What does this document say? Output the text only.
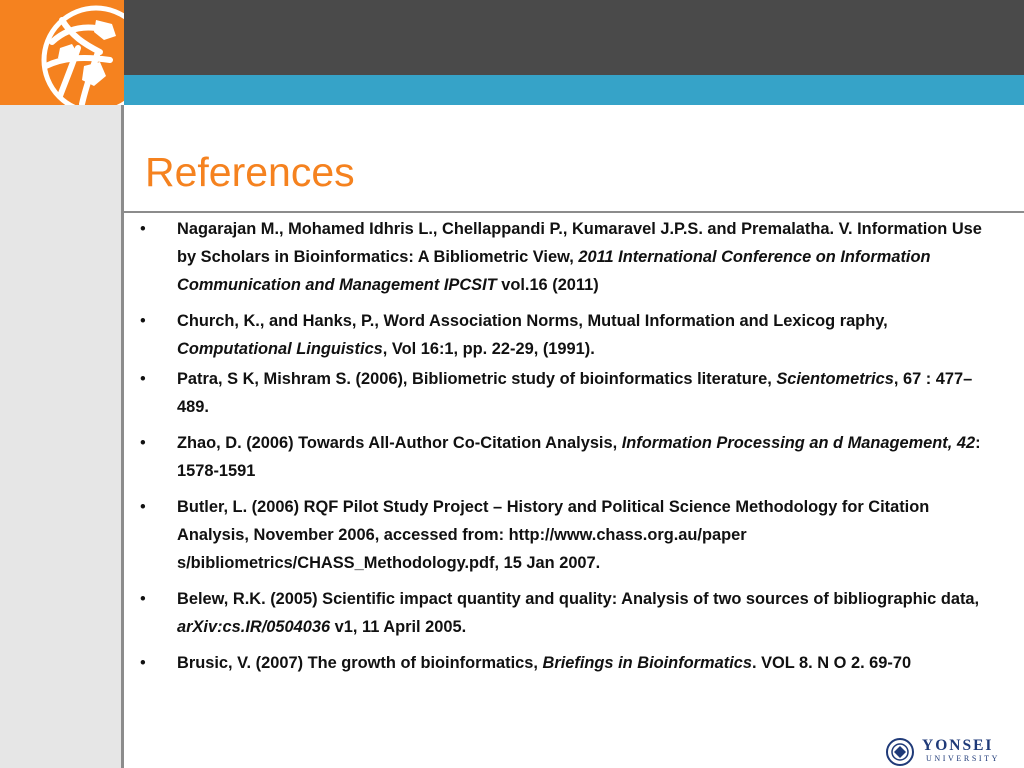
References
• Nagarajan M., Mohamed Idhris L., Chellappandi P., Kumaravel J.P.S. and Premalatha. V. Information Use by Scholars in Bioinformatics: A Bibliometric View, 2011 International Conference on Information Communication and Management IPCSIT vol.16 (2011)
• Church, K., and Hanks, P., Word Association Norms, Mutual Information and Lexicog raphy, Computational Linguistics, Vol 16:1, pp. 22-29, (1991).
• Patra, S K, Mishram S. (2006), Bibliometric study of bioinformatics literature, Scientometrics, 67 : 477–489.
• Zhao, D. (2006) Towards All-Author Co-Citation Analysis, Information Processing an d Management, 42: 1578-1591
• Butler, L. (2006) RQF Pilot Study Project – History and Political Science Methodology for Citation Analysis, November 2006, accessed from: http://www.chass.org.au/paper s/bibliometrics/CHASS_Methodology.pdf, 15 Jan 2007.
• Belew, R.K. (2005) Scientific impact quantity and quality: Analysis of two sources of bibliographic data, arXiv:cs.IR/0504036 v1, 11 April 2005.
• Brusic, V. (2007) The growth of bioinformatics, Briefings in Bioinformatics. VOL 8. N O 2. 69-70
YONSEI
UNIVERSITY
